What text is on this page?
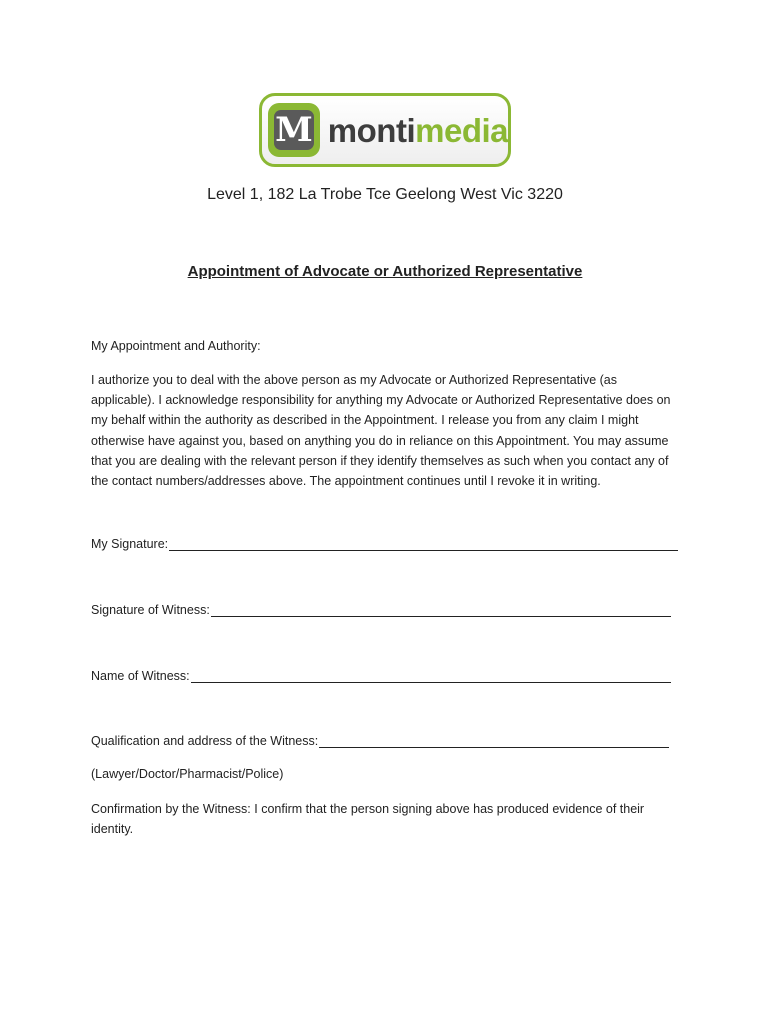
M montimedia
Level 1, 182 La Trobe Tce Geelong West Vic 3220
Appointment of Advocate or Authorized Representative
My Appointment and Authority:
I authorize you to deal with the above person as my Advocate or Authorized Representative (as applicable). I acknowledge responsibility for anything my Advocate or Authorized Representative does on my behalf within the authority as described in the Appointment. I release you from any claim I might otherwise have against you, based on anything you do in reliance on this Appointment. You may assume that you are dealing with the relevant person if they identify themselves as such when you contact any of the contact numbers/addresses above. The appointment continues until I revoke it in writing.
My Signature:
Signature of Witness:
Name of Witness:
Qualification and address of the Witness:
(Lawyer/Doctor/Pharmacist/Police)
Confirmation by the Witness: I confirm that the person signing above has produced evidence of their identity.
